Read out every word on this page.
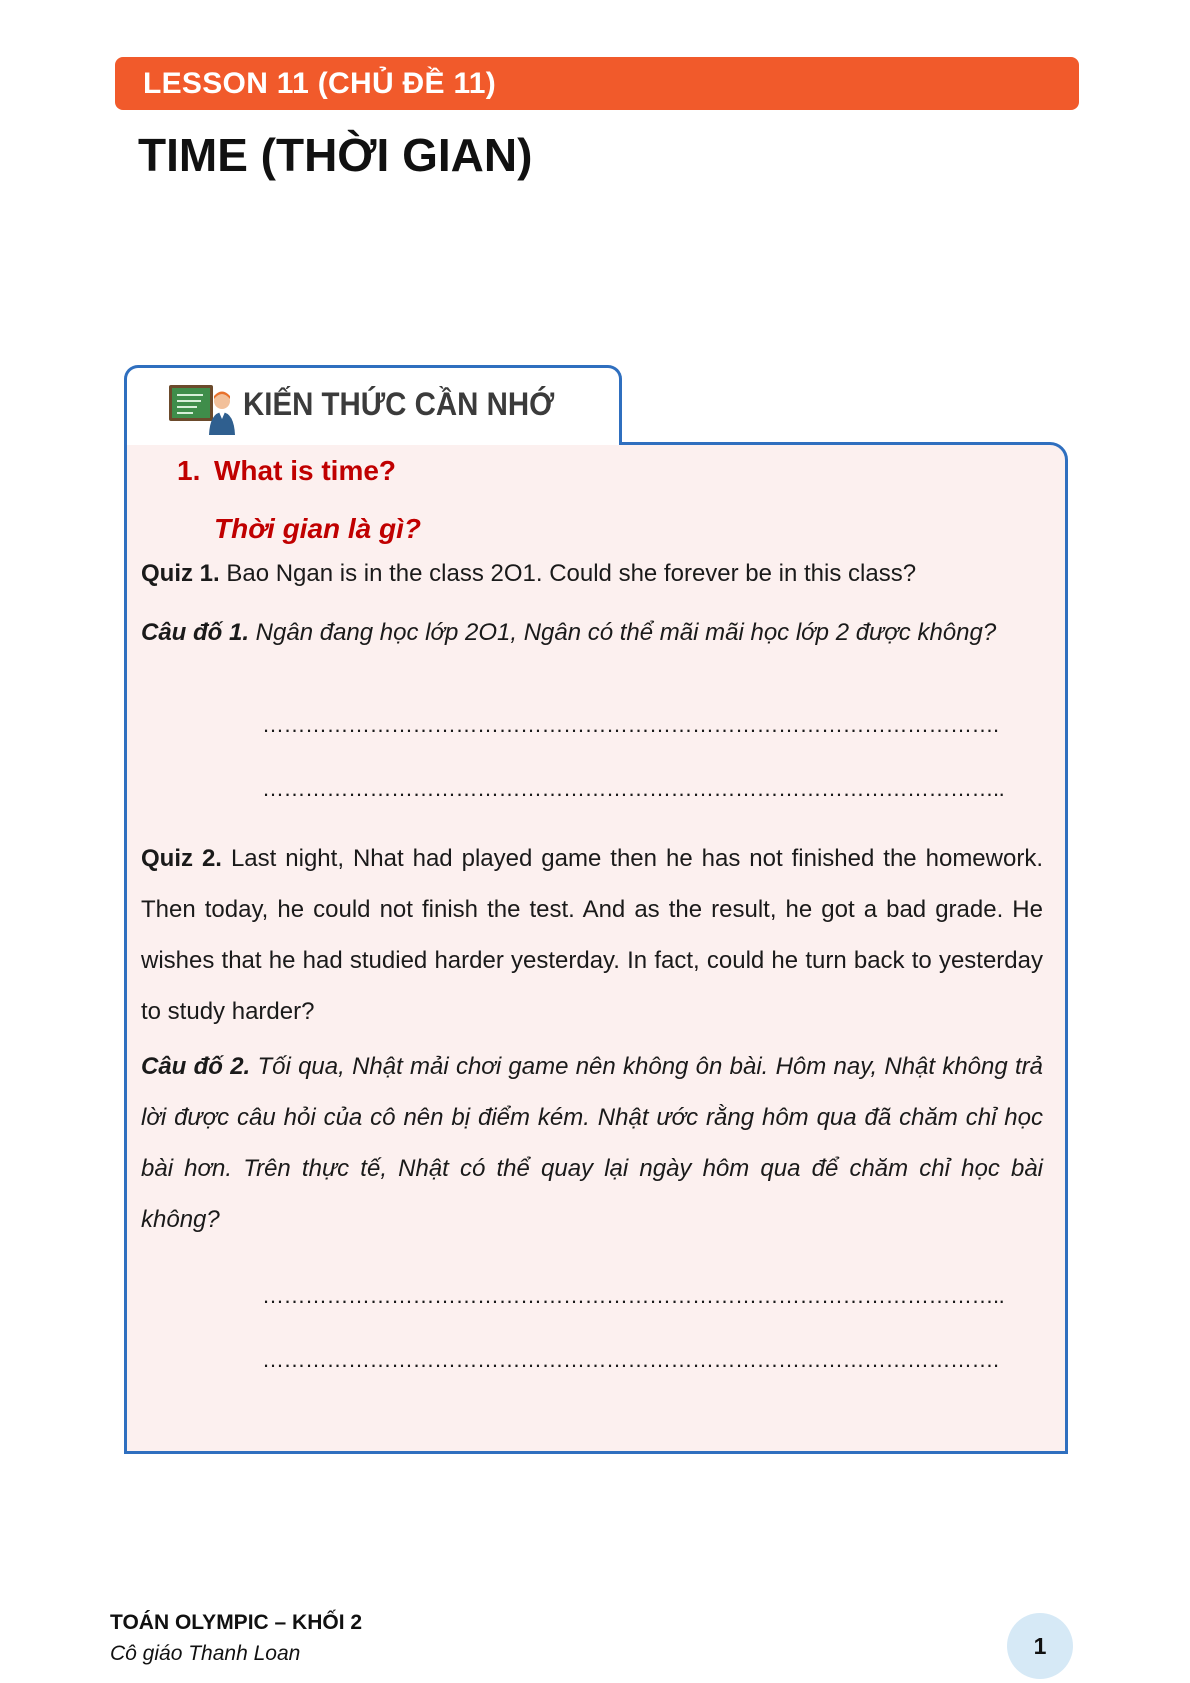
LESSON 11 (CHỦ ĐỀ 11)
TIME (THỜI GIAN)
KIẾN THỨC CẦN NHỚ
1. What is time?
Thời gian là gì?

Quiz 1. Bao Ngan is in the class 2O1. Could she forever be in this class?

Câu đố 1. Ngân đang học lớp 2O1, Ngân có thể mãi mãi học lớp 2 được không?

………………………………………………………………………………………….
…………………………………………………………………………………………..

Quiz 2. Last night, Nhat had played game then he has not finished the homework. Then today, he could not finish the test. And as the result, he got a bad grade. He wishes that he had studied harder yesterday. In fact, could he turn back to yesterday to study harder?

Câu đố 2. Tối qua, Nhật mải chơi game nên không ôn bài. Hôm nay, Nhật không trả lời được câu hỏi của cô nên bị điểm kém. Nhật ước rằng hôm qua đã chăm chỉ học bài hơn. Trên thực tế, Nhật có thể quay lại ngày hôm qua để chăm chỉ học bài không?

…………………………………………………………………………………………..
………………………………………………………………………………………….
TOÁN OLYMPIC – KHỐI 2
Cô giáo Thanh Loan	1
